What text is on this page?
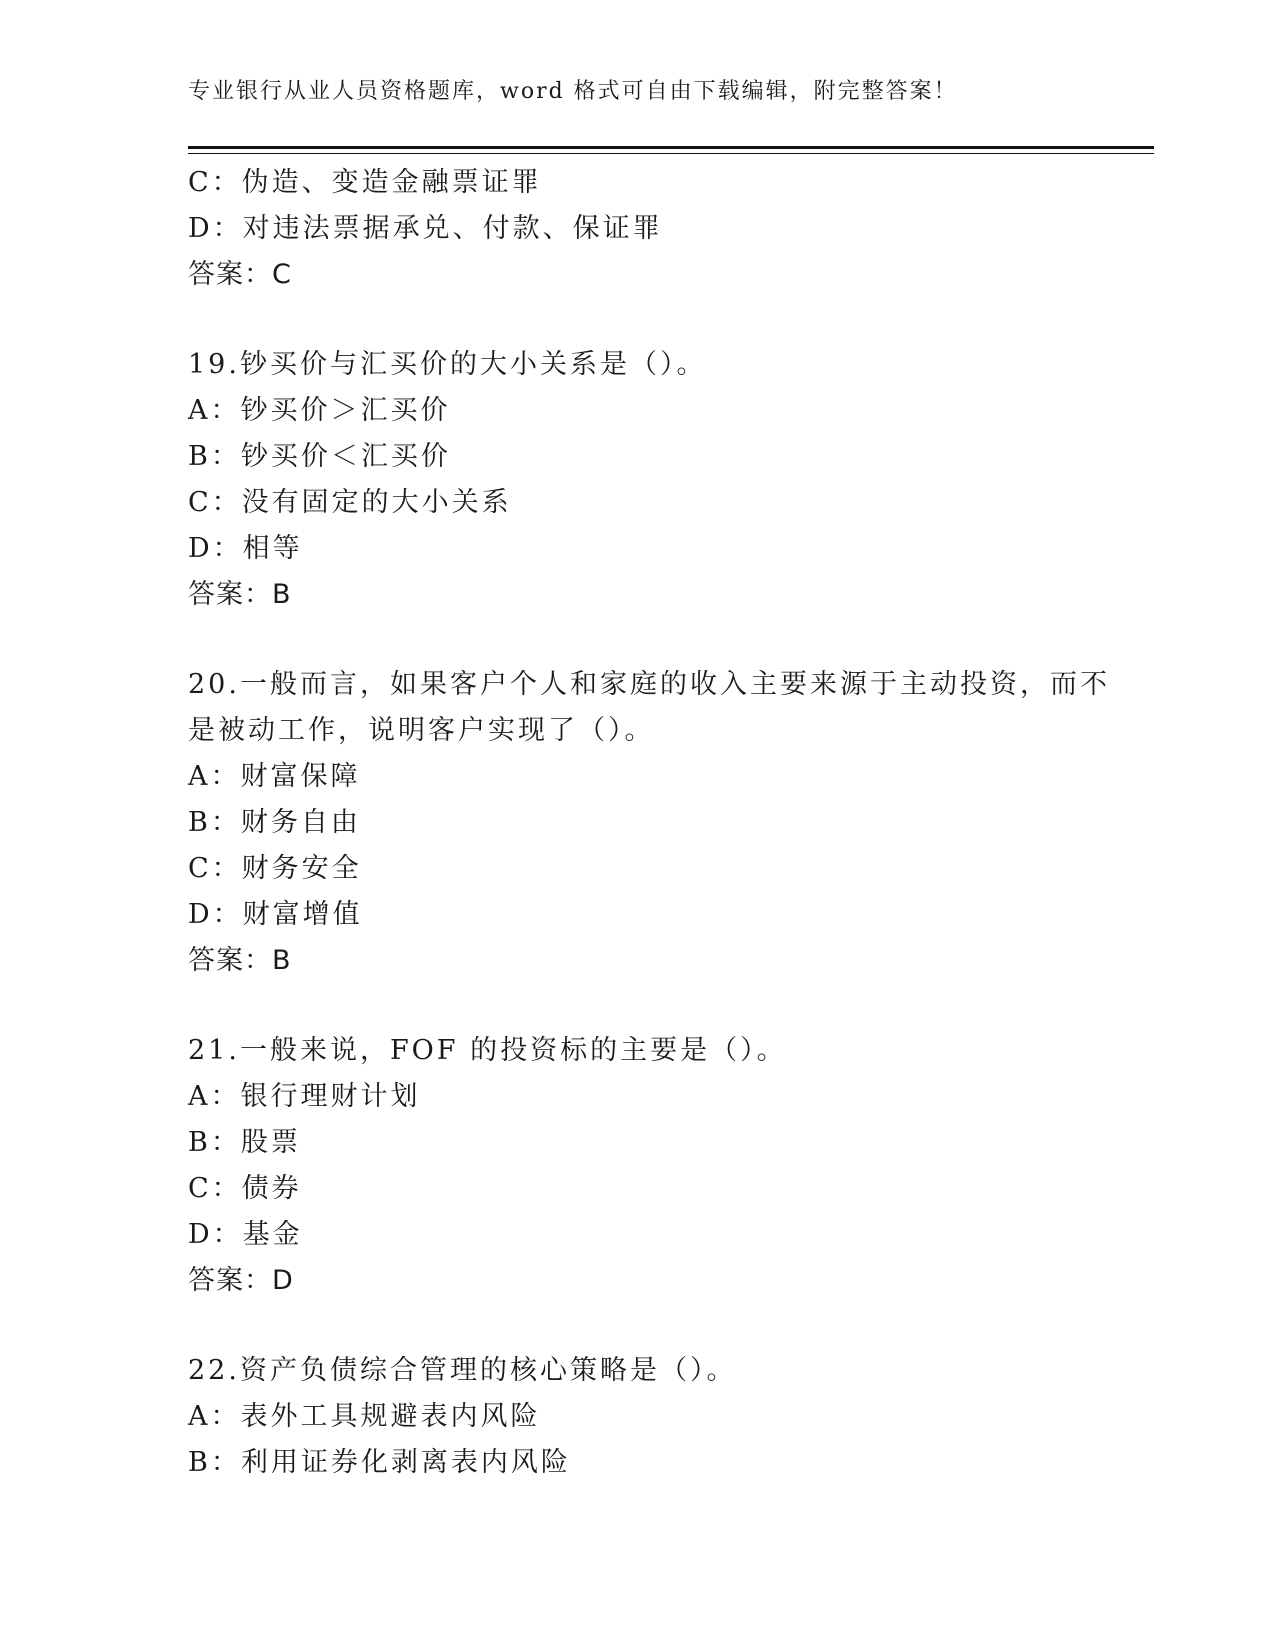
专业银行从业人员资格题库，word 格式可自由下载编辑，附完整答案！
C：伪造、变造金融票证罪
D：对违法票据承兑、付款、保证罪
答案：C
19.钞买价与汇买价的大小关系是（）。
A：钞买价＞汇买价
B：钞买价＜汇买价
C：没有固定的大小关系
D：相等
答案：B
20.一般而言，如果客户个人和家庭的收入主要来源于主动投资，而不
是被动工作，说明客户实现了（）。
A：财富保障
B：财务自由
C：财务安全
D：财富增值
答案：B
21.一般来说，FOF 的投资标的主要是（）。
A：银行理财计划
B：股票
C：债券
D：基金
答案：D
22.资产负债综合管理的核心策略是（）。
A：表外工具规避表内风险
B：利用证券化剥离表内风险
